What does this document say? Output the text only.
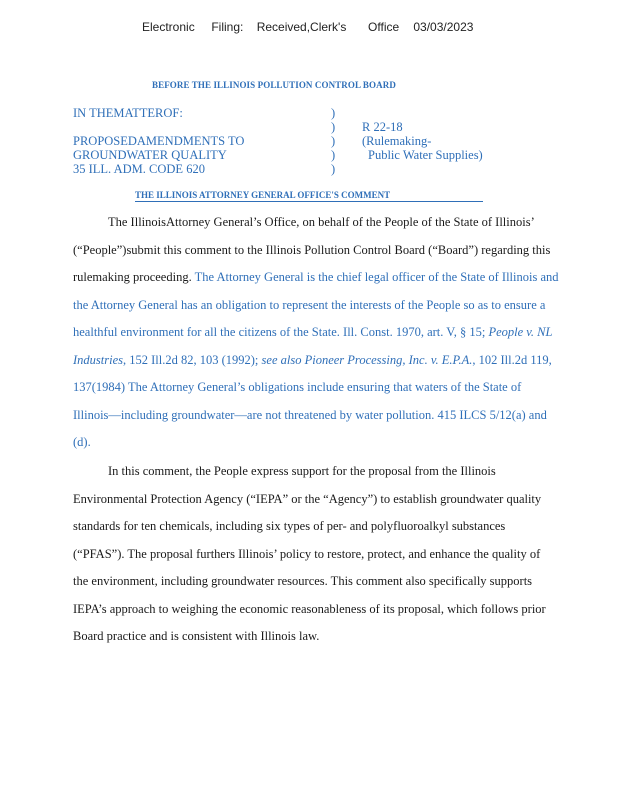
Electronic Filing: Received,Clerk's Office 03/03/2023
BEFORE THE ILLINOIS POLLUTION CONTROL BOARD
IN THEMATTEROF:
PROPOSEDAMENDMENTS TO
GROUNDWATER QUALITY
35 ILL. ADM. CODE 620
)
)
)
)
)
R 22-18
(Rulemaking-
Public Water Supplies)
THE ILLINOIS ATTORNEY GENERAL OFFICE'S COMMENT
The IllinoisAttorney General’s Office, on behalf of the People of the State of Illinois’
(“People”)submit this comment to the Illinois Pollution Control Board (“Board”) regarding this
rulemaking proceeding. The Attorney General is the chief legal officer of the State of Illinois and
the Attorney General has an obligation to represent the interests of the People so as to ensure a
healthful environment for all the citizens of the State. Ill. Const. 1970, art. V, § 15; People v. NL
Industries, 152 Ill.2d 82, 103 (1992); see also Pioneer Processing, Inc. v. E.P.A., 102 Ill.2d 119,
137(1984) The Attorney General’s obligations include ensuring that waters of the State of
Illinois—including groundwater—are not threatened by water pollution. 415 ILCS 5/12(a) and
(d).
In this comment, the People express support for the proposal from the Illinois
Environmental Protection Agency (“IEPA” or the “Agency”) to establish groundwater quality
standards for ten chemicals, including six types of per- and polyfluoroalkyl substances
(“PFAS”). The proposal furthers Illinois’ policy to restore, protect, and enhance the quality of
the environment, including groundwater resources. This comment also specifically supports
IEPA’s approach to weighing the economic reasonableness of its proposal, which follows prior
Board practice and is consistent with Illinois law.
